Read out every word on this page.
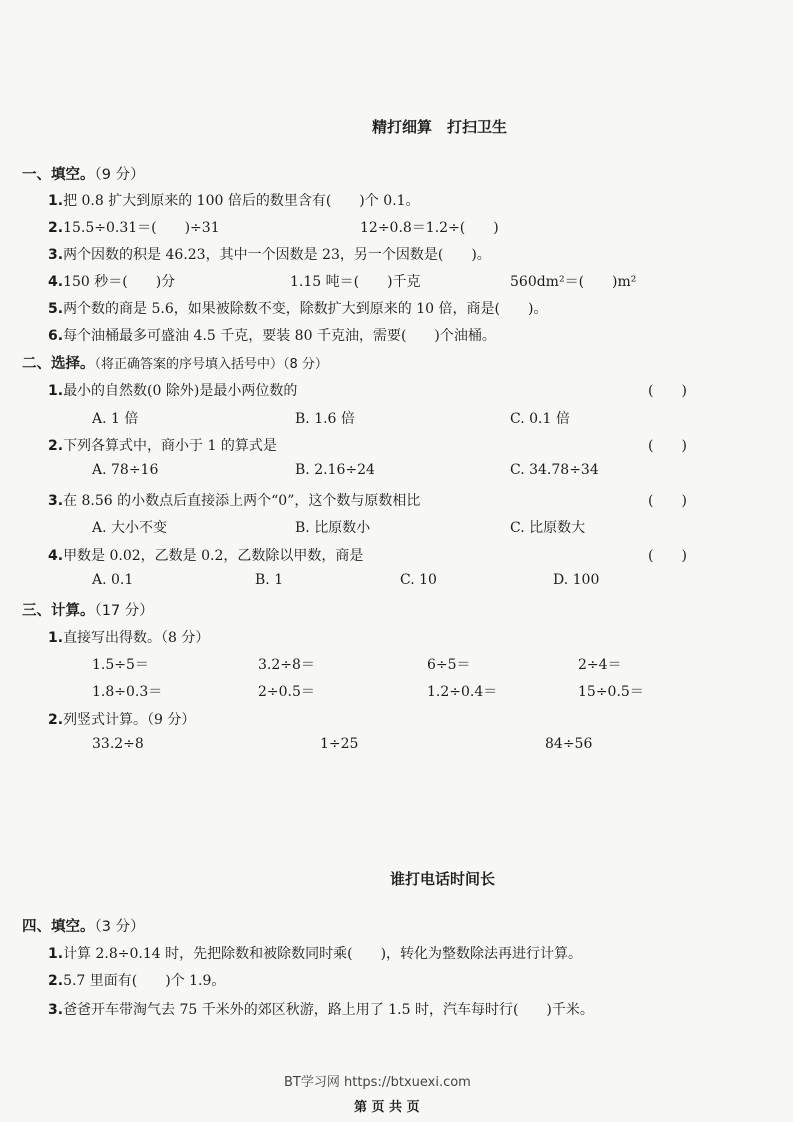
精打细算　打扫卫生
一、填空。（9 分）
1.把 0.8 扩大到原来的 100 倍后的数里含有(　　)个 0.1。
2.15.5÷0.31＝(　　)÷31	12÷0.8＝1.2÷(　　)
3.两个因数的积是 46.23，其中一个因数是 23，另一个因数是(　　)。
4.150 秒＝(　　)分	1.15 吨＝(　　)千克	560dm²＝(　　)m²
5.两个数的商是 5.6，如果被除数不变，除数扩大到原来的 10 倍，商是(　　)。
6.每个油桶最多可盛油 4.5 千克，要装 80 千克油，需要(　　)个油桶。
二、选择。（将正确答案的序号填入括号中）（8 分）
1.最小的自然数(0 除外)是最小两位数的	(　　)
A. 1 倍	B. 1.6 倍	C. 0.1 倍
2.下列各算式中，商小于 1 的算式是	(　　)
A. 78÷16	B. 2.16÷24	C. 34.78÷34
3.在 8.56 的小数点后直接添上两个“0”，这个数与原数相比	(　　)
A. 大小不变	B. 比原数小	C. 比原数大
4.甲数是 0.02，乙数是 0.2，乙数除以甲数，商是	(　　)
A. 0.1	B. 1	C. 10	D. 100
三、计算。（17 分）
1.直接写出得数。（8 分）
1.5÷5＝	3.2÷8＝	6÷5＝	2÷4＝
1.8÷0.3＝	2÷0.5＝	1.2÷0.4＝	15÷0.5＝
2.列竖式计算。（9 分）
33.2÷8	1÷25	84÷56
谁打电话时间长
四、填空。（3 分）
1.计算 2.8÷0.14 时，先把除数和被除数同时乘(　　)，转化为整数除法再进行计算。
2.5.7 里面有(　　)个 1.9。
3.爸爸开车带淘气去 75 千米外的郊区秋游，路上用了 1.5 时，汽车每时行(　　)千米。
BT学习网 https://btxuexi.com
第 页 共 页
